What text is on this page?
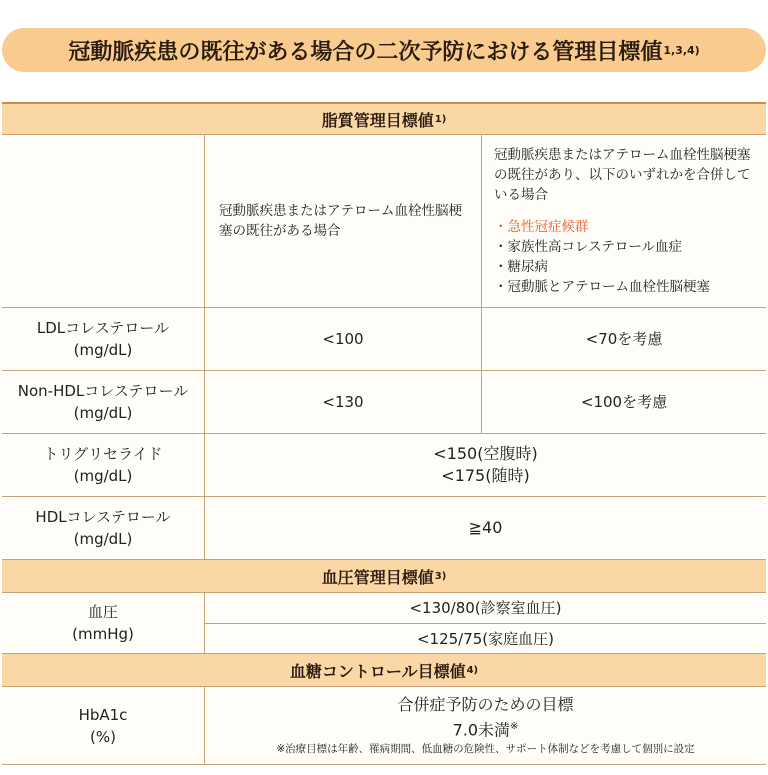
冠動脈疾患の既往がある場合の二次予防における管理目標値 1,3,4)
脂質管理目標値 1)
冠動脈疾患またはアテローム血栓性脳梗塞の既往がある場合
冠動脈疾患またはアテローム血栓性脳梗塞の既往があり、以下のいずれかを合併している場合
・急性冠症候群
・家族性高コレステロール血症
・糖尿病
・冠動脈とアテローム血栓性脳梗塞
LDLコレステロール
(mg/dL)
<100	<70を考慮
Non-HDLコレステロール
(mg/dL)
<130	<100を考慮
トリグリセライド
(mg/dL)
<150(空腹時)
<175(随時)
HDLコレステロール
(mg/dL)
≧40
血圧管理目標値 3)
血圧
(mmHg)
<130/80(診察室血圧)
<125/75(家庭血圧)
血糖コントロール目標値 4)
HbA1c
(%)
合併症予防のための目標
7.0未満※
※治療目標は年齢、罹病期間、低血糖の危険性、サポート体制などを考慮して個別に設定
